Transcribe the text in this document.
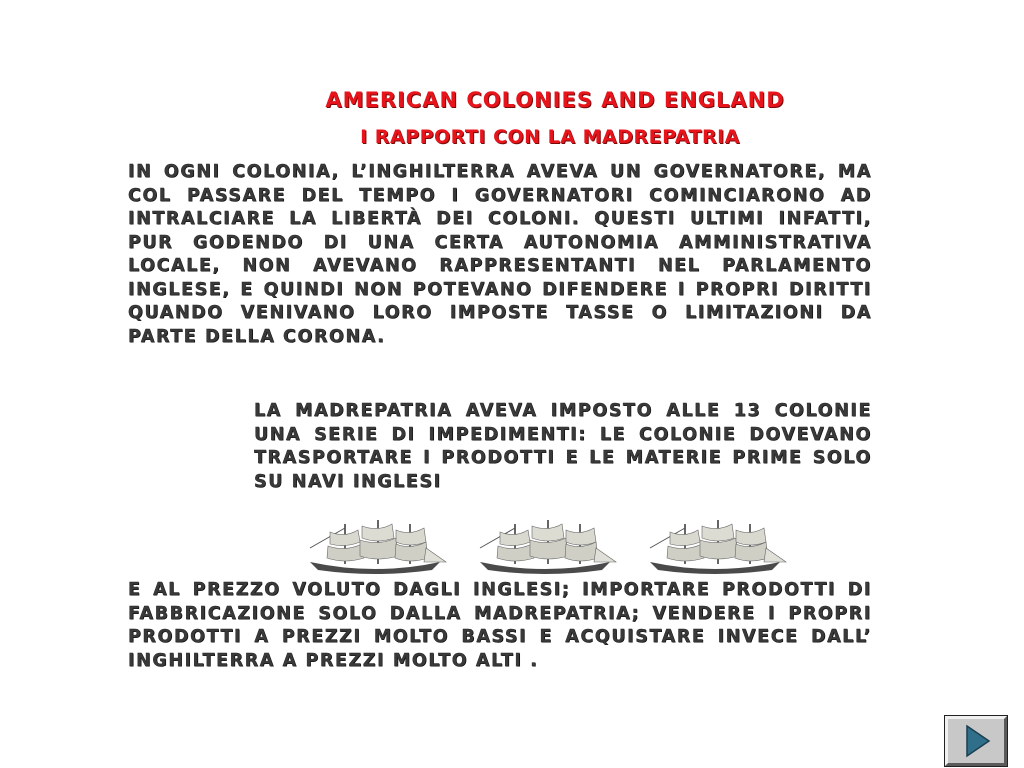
AMERICAN COLONIES AND ENGLAND
I RAPPORTI CON LA MADREPATRIA
IN OGNI COLONIA, L’INGHILTERRA AVEVA UN GOVERNATORE, MA COL PASSARE DEL TEMPO I GOVERNATORI COMINCIARONO AD INTRALCIARE LA LIBERTÀ DEI COLONI. QUESTI ULTIMI INFATTI, PUR GODENDO DI UNA CERTA AUTONOMIA AMMINISTRATIVA LOCALE, NON AVEVANO RAPPRESENTANTI NEL PARLAMENTO INGLESE, E QUINDI NON POTEVANO DIFENDERE I PROPRI DIRITTI QUANDO VENIVANO LORO IMPOSTE TASSE O LIMITAZIONI DA PARTE DELLA CORONA.
LA MADREPATRIA AVEVA IMPOSTO ALLE 13 COLONIE UNA SERIE DI IMPEDIMENTI: LE COLONIE DOVEVANO TRASPORTARE I PRODOTTI E LE MATERIE PRIME SOLO SU NAVI INGLESI
E AL PREZZO VOLUTO DAGLI INGLESI; IMPORTARE PRODOTTI DI FABBRICAZIONE SOLO DALLA MADREPATRIA; VENDERE I PROPRI PRODOTTI A PREZZI MOLTO BASSI E ACQUISTARE INVECE DALL’ INGHILTERRA A PREZZI MOLTO ALTI .
